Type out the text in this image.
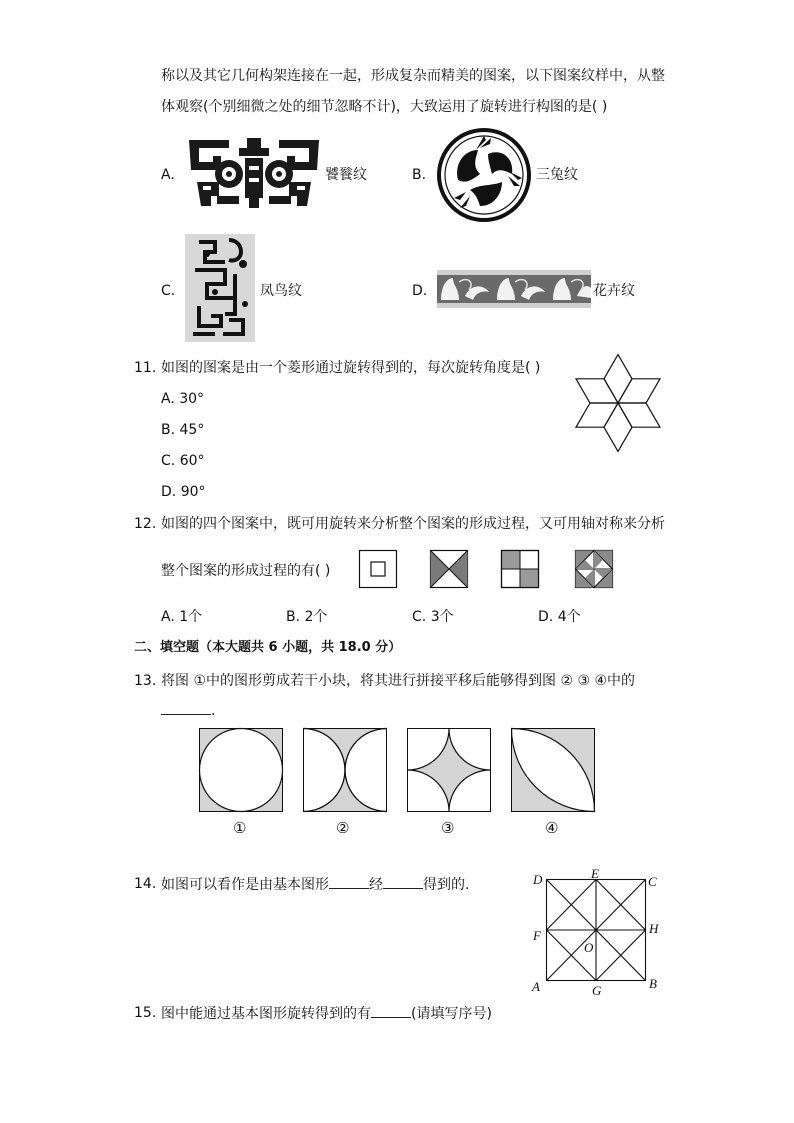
称以及其它几何构架连接在一起，形成复杂而精美的图案，以下图案纹样中，从整
体观察(个别细微之处的细节忽略不计)，大致运用了旋转进行构图的是( )
A.	饕餮纹	B.	三兔纹
C.	凤鸟纹	D.	花卉纹
11. 如图的图案是由一个菱形通过旋转得到的，每次旋转角度是( )
A. 30°
B. 45°
C. 60°
D. 90°
12. 如图的四个图案中，既可用旋转来分析整个图案的形成过程，又可用轴对称来分析
整个图案的形成过程的有( )
A. 1个	B. 2个	C. 3个	D. 4个
二、填空题（本大题共 6 小题，共 18.0 分）
13. 将图 ①中的图形剪成若干小块，将其进行拼接平移后能够得到图 ② ③ ④中的
.
①	②	③	④
14. 如图可以看作是由基本图形	经	得到的.	D	E
C
F	H
O
A	G	B
15. 图中能通过基本图形旋转得到的有	(请填写序号)
